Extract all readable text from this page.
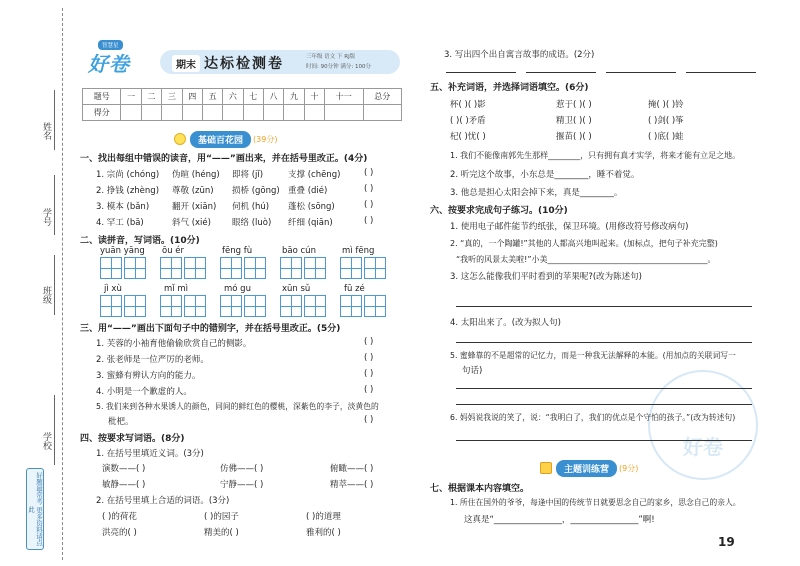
姓名
学号
班级
学校
好题最常考 更多资料请点此
智慧星
好卷	期末 达标检测卷	三年级 语文 下 RJ版
时间: 90分钟 满分: 100分
题号	一	二	三	四	五	六	七	八	九	十	十一	总分
得分												
基础百花园	(39分)
一、找出每组中错误的读音，用“——”画出来，并在括号里改正。(4分)
1. 宗尚 (chóng) 伪暄 (héng) 即将 (jǐ)	支撑 (chēng)	( )
2. 挣钱 (zhèng) 尊敬 (zūn) 损桥 (gōng) 重叠 (dié)	( )
3. 模本 (bǎn)	翻开 (xiān) 伺机 (hú) 蓬松 (sōng)	( )
4. 罕工 (bā)	斜气 (xié) 眼络 (luò) 纤细 (qiān)	( )
二、读拼音，写词语。(10分)
yuān yāng ōu ér	fēng fù	bāo cún	mì fēng
jì xù	mǐ mì	mó gu	xūn sǔ	fū zé
三、用“——”画出下面句子中的错别字，并在括号里改正。(5分)
1. 芙蓉的小袖育他偷偷欣赏自己的侧影。	( )
2. 张老师是一位严厉的老师。	( )
3. 蜜蜂有辨认方向的能力。	( )
4. 小明是一个歉虚的人。	( )
5. 我们来到各种水果诱人的颜色，同间的鲜红色的樱桃，深紫色的李子，淡黄色的
枇杷。	( )
四、按要求写词语。(8分)
1. 在括号里填近义词。(3分)
演数——( )	仿佛——( )	俯瞰——( )
敏静——( )	宁静——( )	精萃——( )
2. 在括号里填上合适的词语。(3分)
( )的荷花	( )的园子	( )的道理
洪亮的( )	精美的( )	雅利的( )
好卷
3. 写出四个出自寓言故事的成语。(2分)
五、补充词语，并选择词语填空。(6分)
杯( )( )影	惹于( )( )	掩( )( )铃
( )( )矛盾	精卫( )( )	( )剑( )筝
杞( )忧( )	揠苗( )( )	( )底( )蛙
1. 我们不能像南郭先生那样________，只有拥有真才实学，将来才能有立足之地。
2. 听完这个故事，小东总是________，睡不着觉。
3. 他总是担心太阳会掉下来，真是________。
六、按要求完成句子练习。(10分)
1. 使用电子邮件能节约纸张，保卫环境。(用修改符号修改病句)
2. “真的，一个陶罐!”其他的人都高兴地叫起来。(加标点，把句子补充完整)
“我听的风景太美啦!”小美________________________________________。
3. 这怎么能像我们平时看到的苹果呢?(改为陈述句)
4. 太阳出来了。(改为拟人句)
5. 蜜蜂靠的不是超常的记忆力，而是一种我无法解释的本能。(用加点的关联词写一
句话)
6. 妈妈说我说的笑了，说：“我明白了，我们的优点是个守怕的孩子。”(改为转述句)
主题训练营	(9分)
七、根据课本内容填空。
1. 所住在国外的爷爷，每逢中国的传统节日就要思念自己的家乡，思念自己的亲人。
这真是“________________，________________”啊!
19
